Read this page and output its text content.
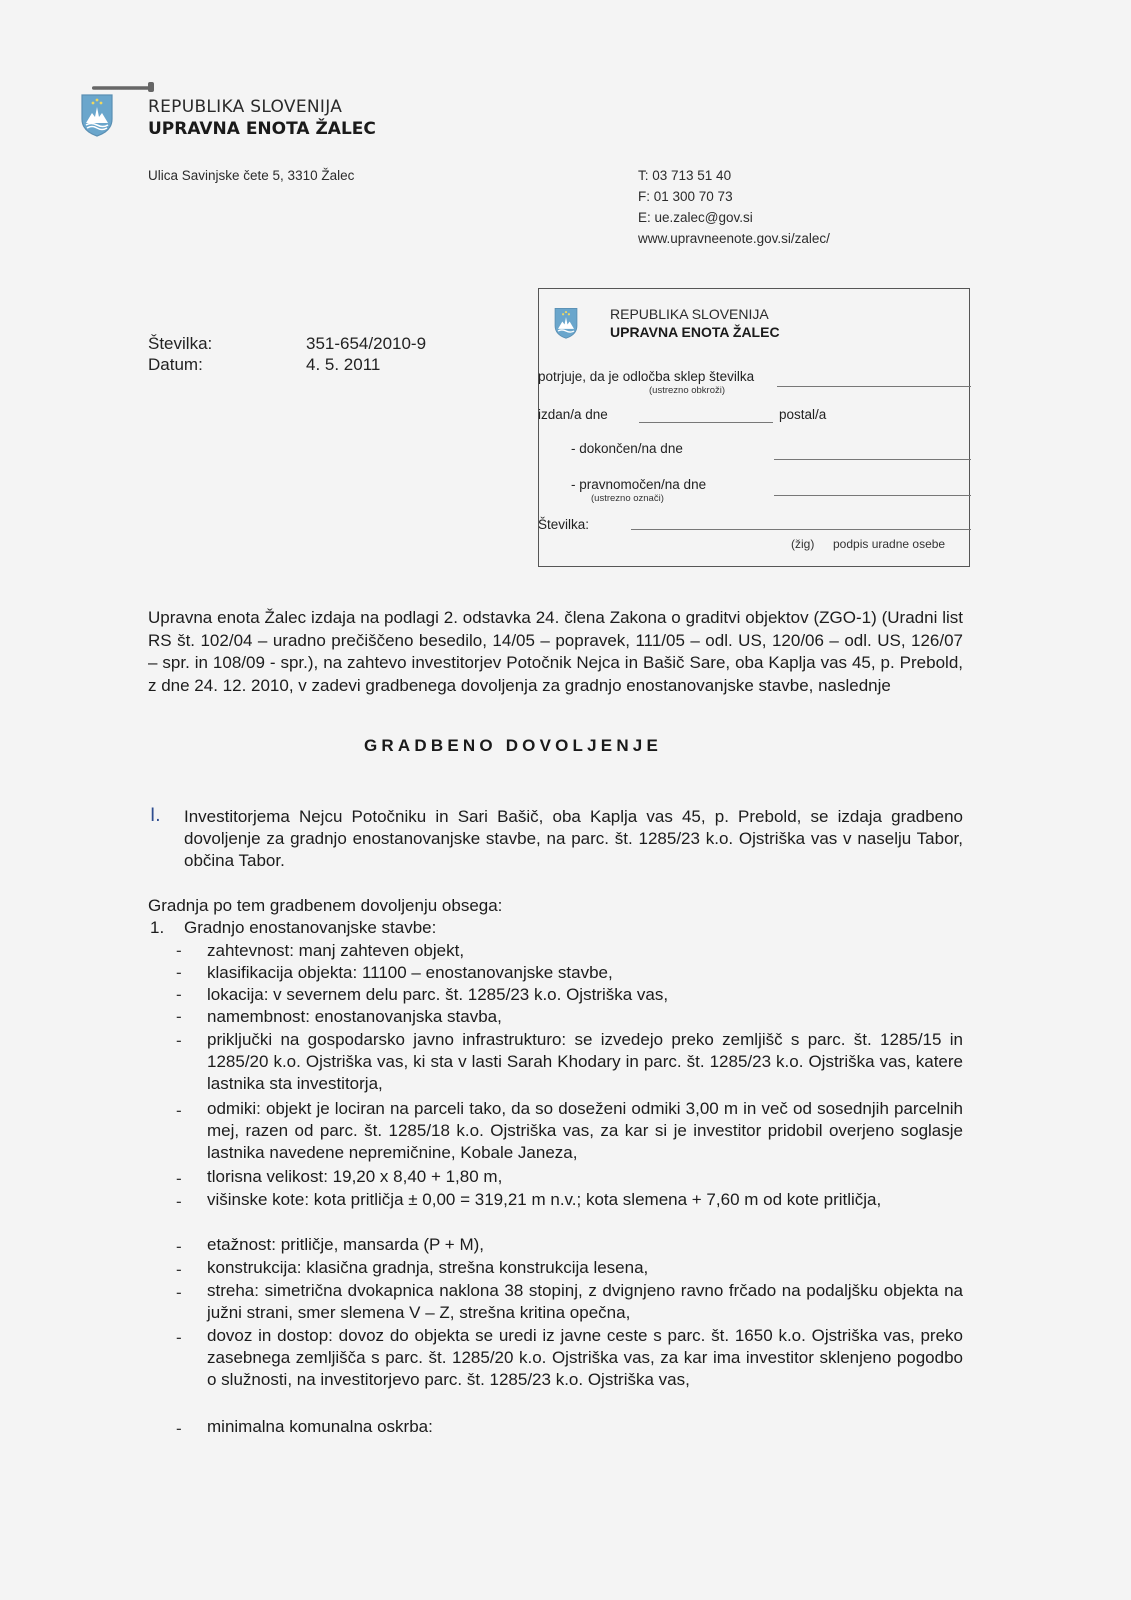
REPUBLIKA SLOVENIJA
UPRAVNA ENOTA ŽALEC
Ulica Savinjske čete 5, 3310 Žalec	T: 03 713 51 40
F: 01 300 70 73
E: ue.zalec@gov.si
www.upravneenote.gov.si/zalec/
Številka:	351-654/2010-9
Datum:	4. 5. 2011
REPUBLIKA SLOVENIJA
UPRAVNA ENOTA ŽALEC
potrjuje, da je odločba sklep številka
(ustrezno obkroži)
izdan/a dne	postal/a
- dokončen/na dne
- pravnomočen/na dne
(ustrezno označi)
Številka:
(žig) podpis uradne osebe
Upravna enota Žalec izdaja na podlagi 2. odstavka 24. člena Zakona o graditvi objektov (ZGO-1) (Uradni list RS št. 102/04 – uradno prečiščeno besedilo, 14/05 – popravek, 111/05 – odl. US, 120/06 – odl. US, 126/07 – spr. in 108/09 - spr.), na zahtevo investitorjev Potočnik Nejca in Bašič Sare, oba Kaplja vas 45, p. Prebold, z dne 24. 12. 2010, v zadevi gradbenega dovoljenja za gradnjo enostanovanjske stavbe, naslednje
GRADBENO DOVOLJENJE
I. Investitorjema Nejcu Potočniku in Sari Bašič, oba Kaplja vas 45, p. Prebold, se izdaja gradbeno dovoljenje za gradnjo enostanovanjske stavbe, na parc. št. 1285/23 k.o. Ojstriška vas v naselju Tabor, občina Tabor.
Gradnja po tem gradbenem dovoljenju obsega:
1. Gradnjo enostanovanjske stavbe:
- zahtevnost: manj zahteven objekt,
- klasifikacija objekta: 11100 – enostanovanjske stavbe,
- lokacija: v severnem delu parc. št. 1285/23 k.o. Ojstriška vas,
- namembnost: enostanovanjska stavba,
- priključki na gospodarsko javno infrastrukturo: se izvedejo preko zemljišč s parc. št. 1285/15 in 1285/20 k.o. Ojstriška vas, ki sta v lasti Sarah Khodary in parc. št. 1285/23 k.o. Ojstriška vas, katere lastnika sta investitorja,
- odmiki: objekt je lociran na parceli tako, da so doseženi odmiki 3,00 m in več od sosednjih parcelnih mej, razen od parc. št. 1285/18 k.o. Ojstriška vas, za kar si je investitor pridobil overjeno soglasje lastnika navedene nepremičnine, Kobale Janeza,
- tlorisna velikost: 19,20 x 8,40 + 1,80 m,
- višinske kote: kota pritličja ± 0,00 = 319,21 m n.v.; kota slemena + 7,60 m od kote pritličja,
- etažnost: pritličje, mansarda (P + M),
- konstrukcija: klasična gradnja, strešna konstrukcija lesena,
- streha: simetrična dvokapnica naklona 38 stopinj, z dvignjeno ravno frčado na podaljšku objekta na južni strani, smer slemena V – Z, strešna kritina opečna,
- dovoz in dostop: dovoz do objekta se uredi iz javne ceste s parc. št. 1650 k.o. Ojstriška vas, preko zasebnega zemljišča s parc. št. 1285/20 k.o. Ojstriška vas, za kar ima investitor sklenjeno pogodbo o služnosti, na investitorjevo parc. št. 1285/23 k.o. Ojstriška vas,
- minimalna komunalna oskrba:
